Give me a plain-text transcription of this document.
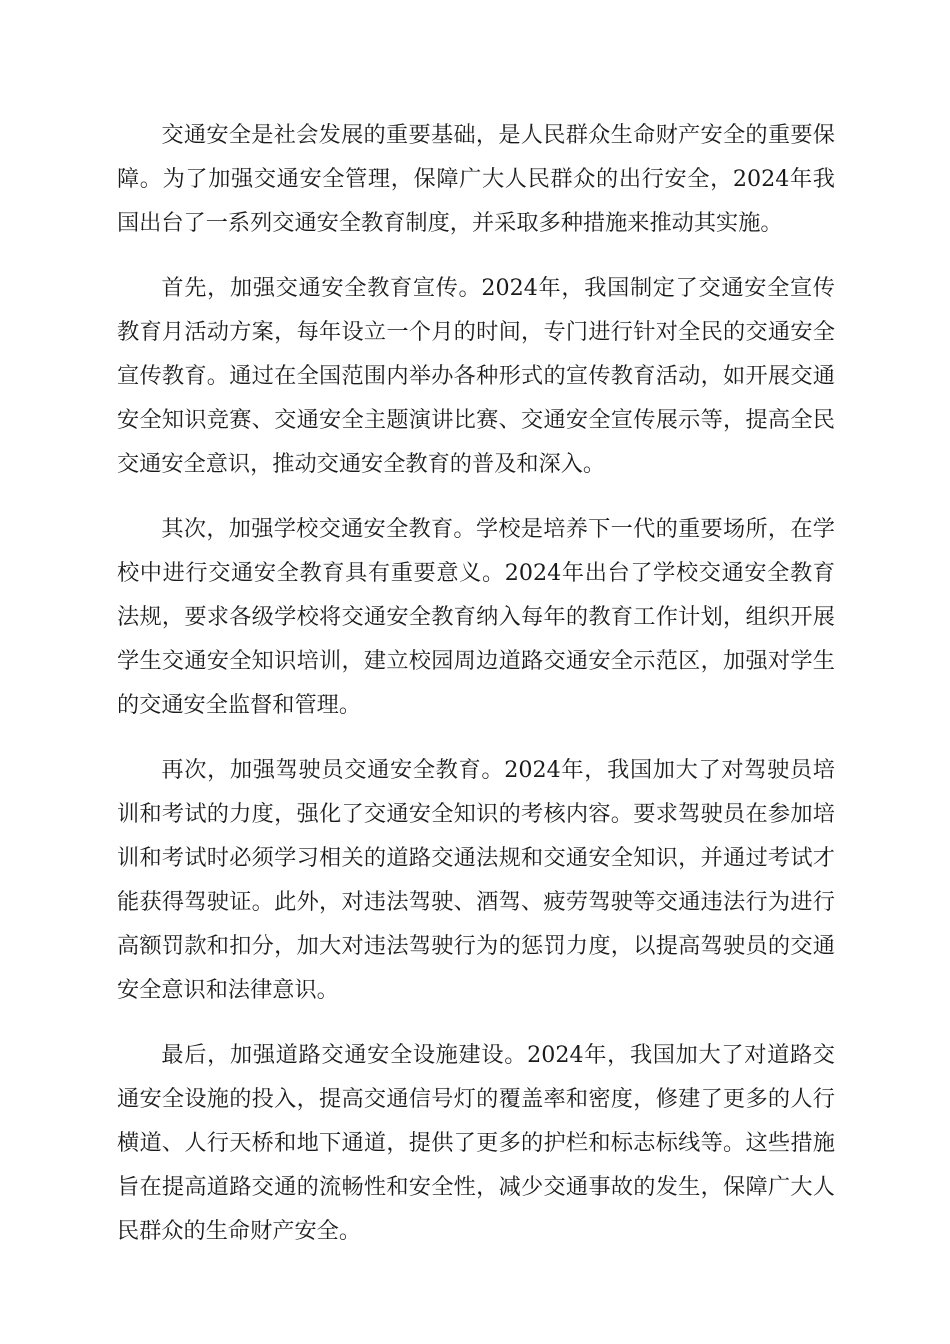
交通安全是社会发展的重要基础，是人民群众生命财产安全的重要保障。为了加强交通安全管理，保障广大人民群众的出行安全，2024年我国出台了一系列交通安全教育制度，并采取多种措施来推动其实施。

首先，加强交通安全教育宣传。2024年，我国制定了交通安全宣传教育月活动方案，每年设立一个月的时间，专门进行针对全民的交通安全宣传教育。通过在全国范围内举办各种形式的宣传教育活动，如开展交通安全知识竞赛、交通安全主题演讲比赛、交通安全宣传展示等，提高全民交通安全意识，推动交通安全教育的普及和深入。

其次，加强学校交通安全教育。学校是培养下一代的重要场所，在学校中进行交通安全教育具有重要意义。2024年出台了学校交通安全教育法规，要求各级学校将交通安全教育纳入每年的教育工作计划，组织开展学生交通安全知识培训，建立校园周边道路交通安全示范区，加强对学生的交通安全监督和管理。

再次，加强驾驶员交通安全教育。2024年，我国加大了对驾驶员培训和考试的力度，强化了交通安全知识的考核内容。要求驾驶员在参加培训和考试时必须学习相关的道路交通法规和交通安全知识，并通过考试才能获得驾驶证。此外，对违法驾驶、酒驾、疲劳驾驶等交通违法行为进行高额罚款和扣分，加大对违法驾驶行为的惩罚力度，以提高驾驶员的交通安全意识和法律意识。

最后，加强道路交通安全设施建设。2024年，我国加大了对道路交通安全设施的投入，提高交通信号灯的覆盖率和密度，修建了更多的人行横道、人行天桥和地下通道，提供了更多的护栏和标志标线等。这些措施旨在提高道路交通的流畅性和安全性，减少交通事故的发生，保障广大人民群众的生命财产安全。
